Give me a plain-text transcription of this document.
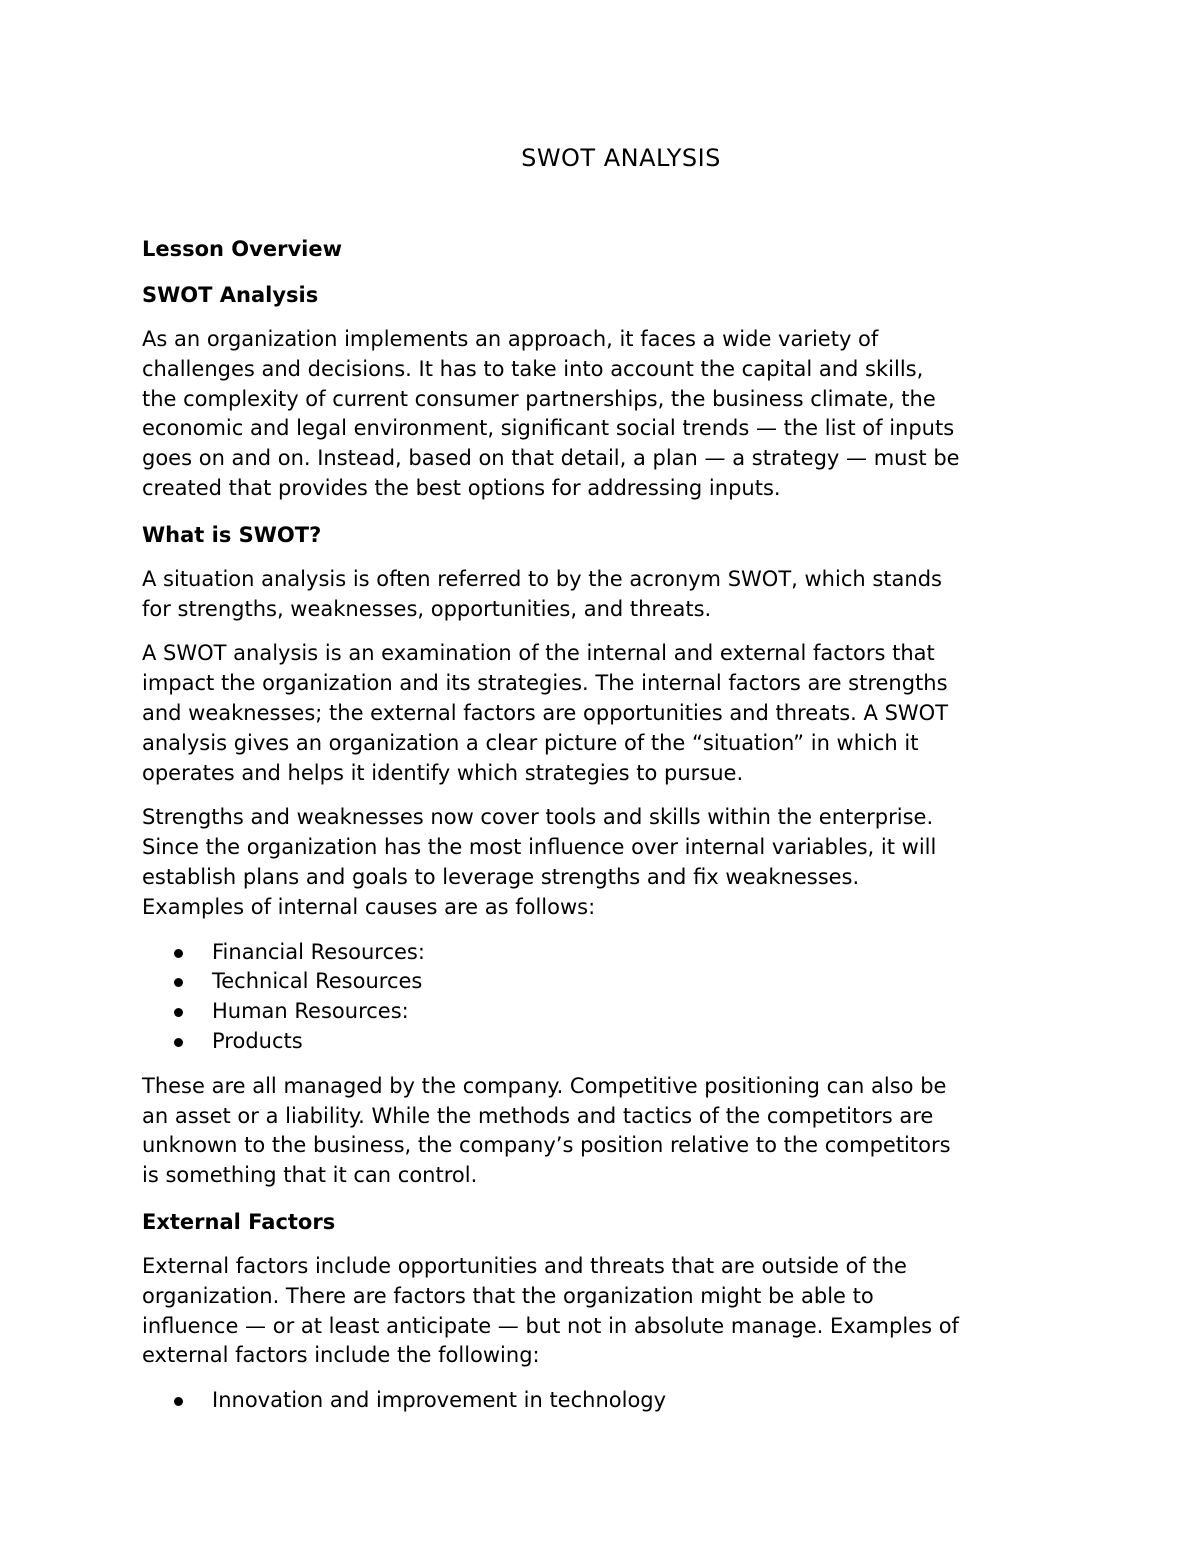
SWOT ANALYSIS
Lesson Overview
SWOT Analysis

As an organization implements an approach, it faces a wide variety of
challenges and decisions. It has to take into account the capital and skills,
the complexity of current consumer partnerships, the business climate, the
economic and legal environment, significant social trends — the list of inputs
goes on and on. Instead, based on that detail, a plan — a strategy — must be
created that provides the best options for addressing inputs.

What is SWOT?

A situation analysis is often referred to by the acronym SWOT, which stands
for strengths, weaknesses, opportunities, and threats.

A SWOT analysis is an examination of the internal and external factors that
impact the organization and its strategies. The internal factors are strengths
and weaknesses; the external factors are opportunities and threats. A SWOT
analysis gives an organization a clear picture of the “situation” in which it
operates and helps it identify which strategies to pursue.

Strengths and weaknesses now cover tools and skills within the enterprise.
Since the organization has the most influence over internal variables, it will
establish plans and goals to leverage strengths and fix weaknesses.
Examples of internal causes are as follows:

Financial Resources:
Technical Resources
Human Resources:
Products

These are all managed by the company. Competitive positioning can also be
an asset or a liability. While the methods and tactics of the competitors are
unknown to the business, the company’s position relative to the competitors
is something that it can control.

External Factors

External factors include opportunities and threats that are outside of the
organization. There are factors that the organization might be able to
influence — or at least anticipate — but not in absolute manage. Examples of
external factors include the following:

Innovation and improvement in technology
